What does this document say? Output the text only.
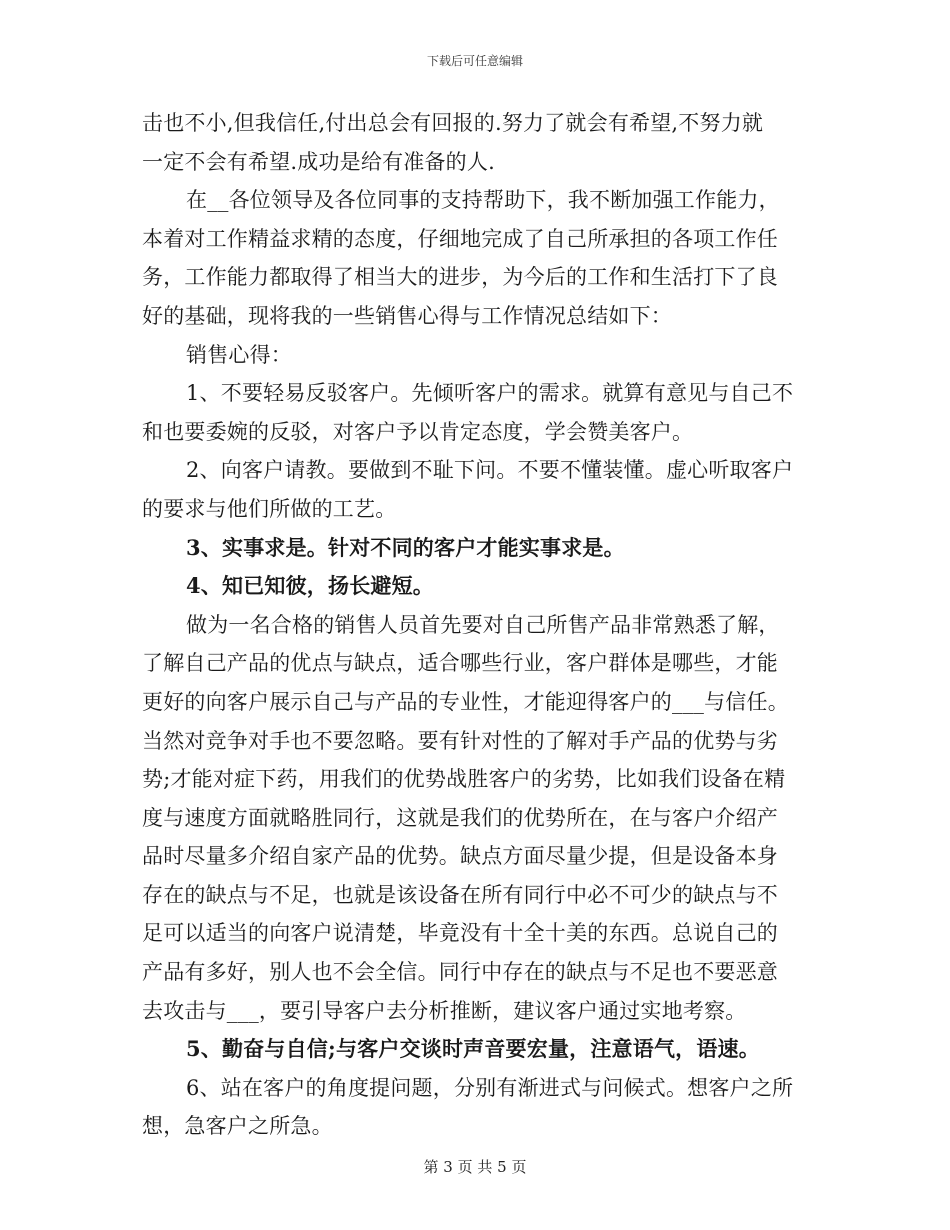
下载后可任意编辑
击也不小,但我信任,付出总会有回报的.努力了就会有希望,不努力就
一定不会有希望.成功是给有准备的人.
在__各位领导及各位同事的支持帮助下，我不断加强工作能力，
本着对工作精益求精的态度，仔细地完成了自己所承担的各项工作任
务，工作能力都取得了相当大的进步，为今后的工作和生活打下了良
好的基础，现将我的一些销售心得与工作情况总结如下：
销售心得：
1、不要轻易反驳客户。先倾听客户的需求。就算有意见与自己不
和也要委婉的反驳，对客户予以肯定态度，学会赞美客户。
2、向客户请教。要做到不耻下问。不要不懂装懂。虚心听取客户
的要求与他们所做的工艺。
3、实事求是。针对不同的客户才能实事求是。
4、知已知彼，扬长避短。
做为一名合格的销售人员首先要对自己所售产品非常熟悉了解，
了解自己产品的优点与缺点，适合哪些行业，客户群体是哪些，才能
更好的向客户展示自己与产品的专业性，才能迎得客户的___与信任。
当然对竞争对手也不要忽略。要有针对性的了解对手产品的优势与劣
势;才能对症下药，用我们的优势战胜客户的劣势，比如我们设备在精
度与速度方面就略胜同行，这就是我们的优势所在，在与客户介绍产
品时尽量多介绍自家产品的优势。缺点方面尽量少提，但是设备本身
存在的缺点与不足，也就是该设备在所有同行中必不可少的缺点与不
足可以适当的向客户说清楚，毕竟没有十全十美的东西。总说自己的
产品有多好，别人也不会全信。同行中存在的缺点与不足也不要恶意
去攻击与___，要引导客户去分析推断，建议客户通过实地考察。
5、勤奋与自信;与客户交谈时声音要宏量，注意语气，语速。
6、站在客户的角度提问题，分别有渐进式与问候式。想客户之所
想，急客户之所急。
第 3 页 共 5 页
